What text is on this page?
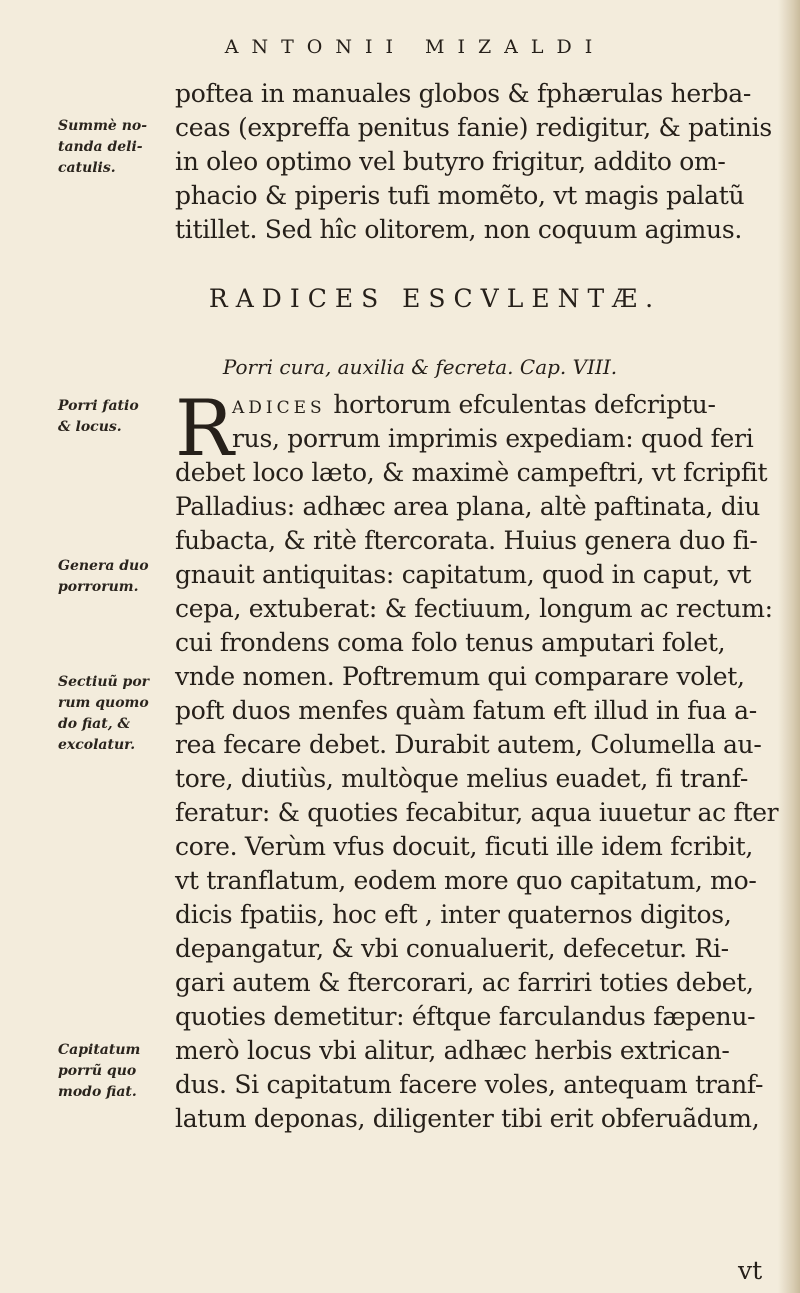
ANTONII MIZALDI
poftea in manuales globos & fphærulas herba-
ceas (expreffa penitus fanie) redigitur, & patinis
in oleo optimo vel butyro frigitur, addito om-
phacio & piperis tufi momẽto, vt magis palatũ
titillet. Sed hîc olitorem, non coquum agimus.
RADICES ESCVLENTÆ.
Porri cura, auxilia & fecreta. Cap. VIII.
R
ADICES hortorum efculentas defcriptu-
rus, porrum imprimis expediam: quod feri
debet loco læto, & maximè campeftri, vt fcripfit
Palladius: adhæc area plana, altè paftinata, diu
fubacta, & ritè ftercorata. Huius genera duo fi-
gnauit antiquitas: capitatum, quod in caput, vt
cepa, extuberat: & fectiuum, longum ac rectum:
cui frondens coma folo tenus amputari folet,
vnde nomen. Poftremum qui comparare volet,
poft duos menfes quàm fatum eft illud in fua a-
rea fecare debet. Durabit autem, Columella au-
tore, diutiùs, multòque melius euadet, fi tranf-
feratur: & quoties fecabitur, aqua iuuetur ac fter
core. Verùm vfus docuit, ficuti ille idem fcribit,
vt tranflatum, eodem more quo capitatum, mo-
dicis fpatiis, hoc eft , inter quaternos digitos,
depangatur, & vbi conualuerit, defecetur. Ri-
gari autem & ftercorari, ac farriri toties debet,
quoties demetitur: éftque farculandus fæpenu-
merò locus vbi alitur, adhæc herbis extrican-
dus. Si capitatum facere voles, antequam tranf-
latum deponas, diligenter tibi erit obferuãdum,
vt
Summè no-
tanda deli-
catulis.
Porri fatio
& locus.
Genera duo
porrorum.
Sectiuũ por
rum quomo
do fiat, &
excolatur.
Capitatum
porrũ quo
modo fiat.
